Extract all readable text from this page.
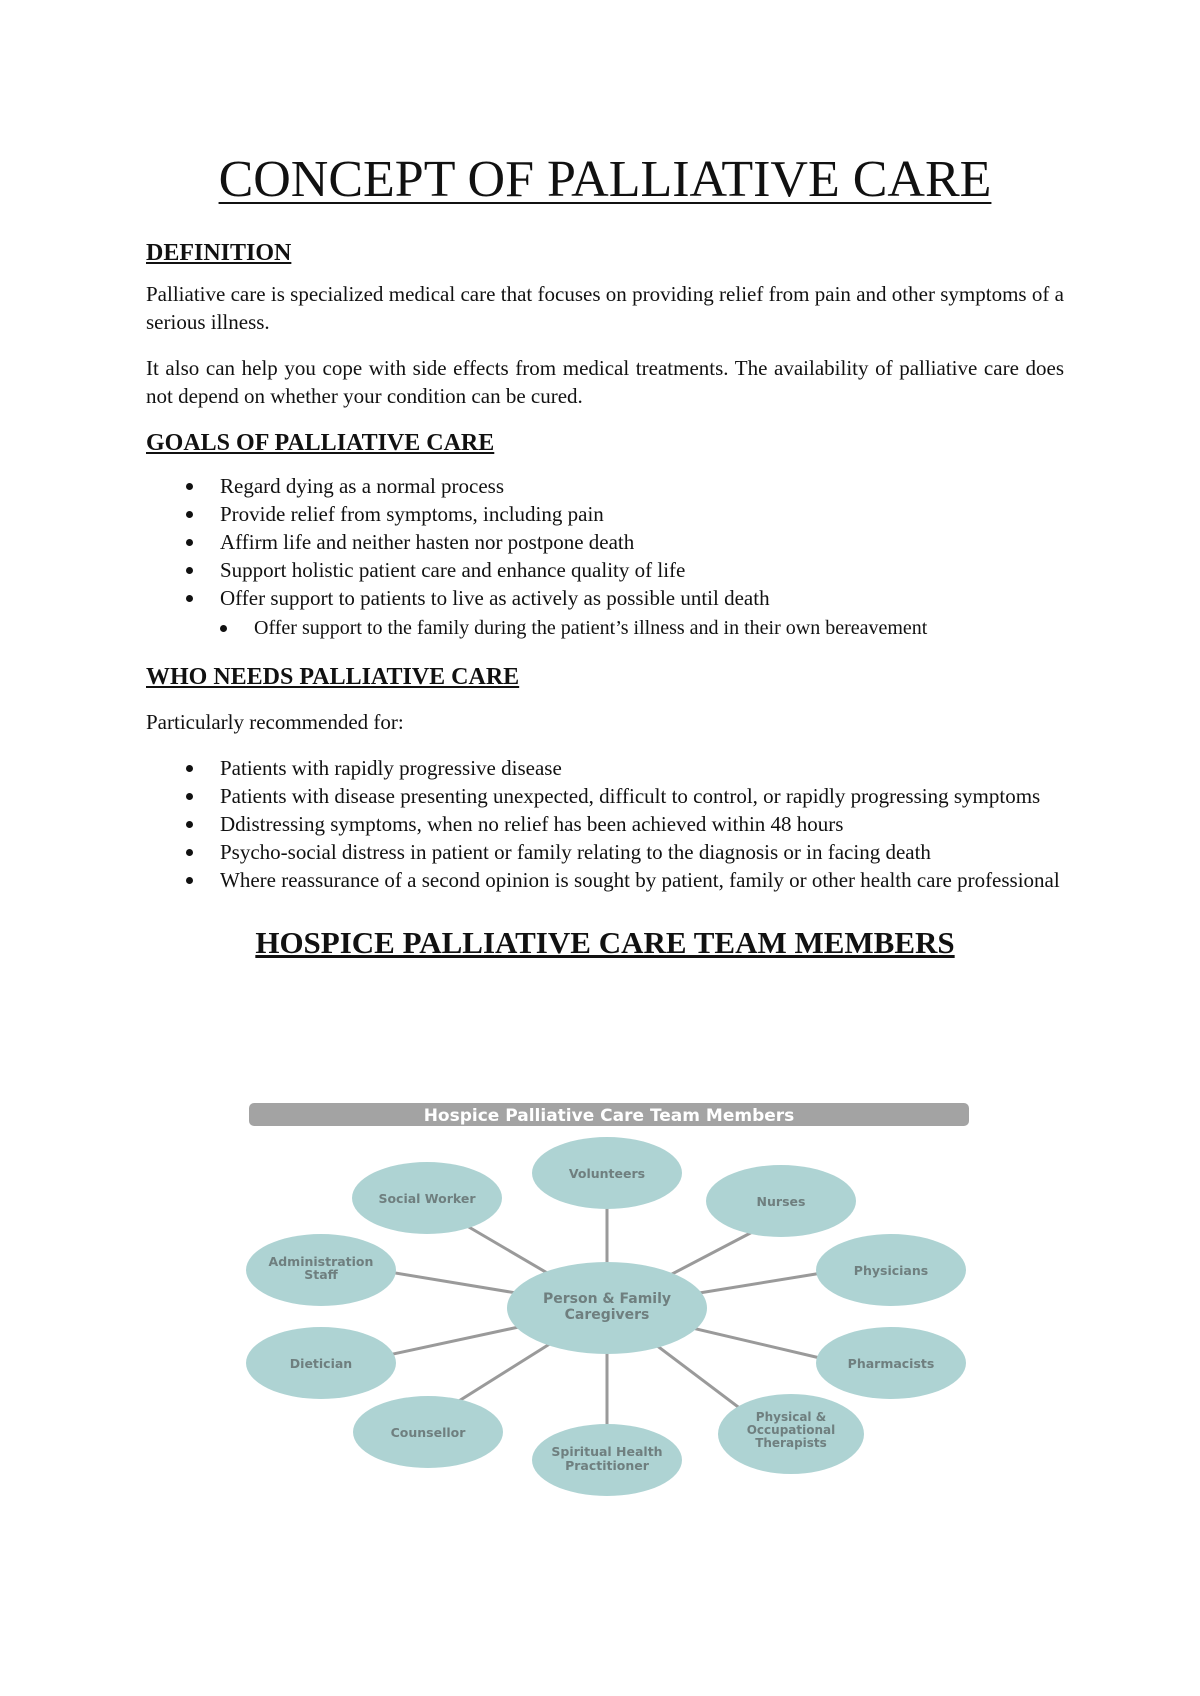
CONCEPT OF PALLIATIVE CARE
DEFINITION

Palliative care is specialized medical care that focuses on providing relief from pain and other symptoms of a serious illness.

It also can help you cope with side effects from medical treatments. The availability of palliative care does not depend on whether your condition can be cured.

GOALS OF PALLIATIVE CARE
Regard dying as a normal process
Provide relief from symptoms, including pain
Affirm life and neither hasten nor postpone death
Support holistic patient care and enhance quality of life
Offer support to patients to live as actively as possible until death
Offer support to the family during the patient’s illness and in their own bereavement
WHO NEEDS PALLIATIVE CARE

Particularly recommended for:

Patients with rapidly progressive disease
Patients with disease presenting unexpected, difficult to control, or rapidly progressing symptoms
Ddistressing symptoms, when no relief has been achieved within 48 hours
Psycho-social distress in patient or family relating to the diagnosis or in facing death
Where reassurance of a second opinion is sought by patient, family or other health care professional
HOSPICE PALLIATIVE CARE TEAM MEMBERS
Hospice Palliative Care Team Members
Person & Family Caregivers
Volunteers
Nurses
Physicians
Pharmacists
Physical & Occupational Therapists
Spiritual Health Practitioner
Counsellor
Dietician
Administration Staff
Social Worker
